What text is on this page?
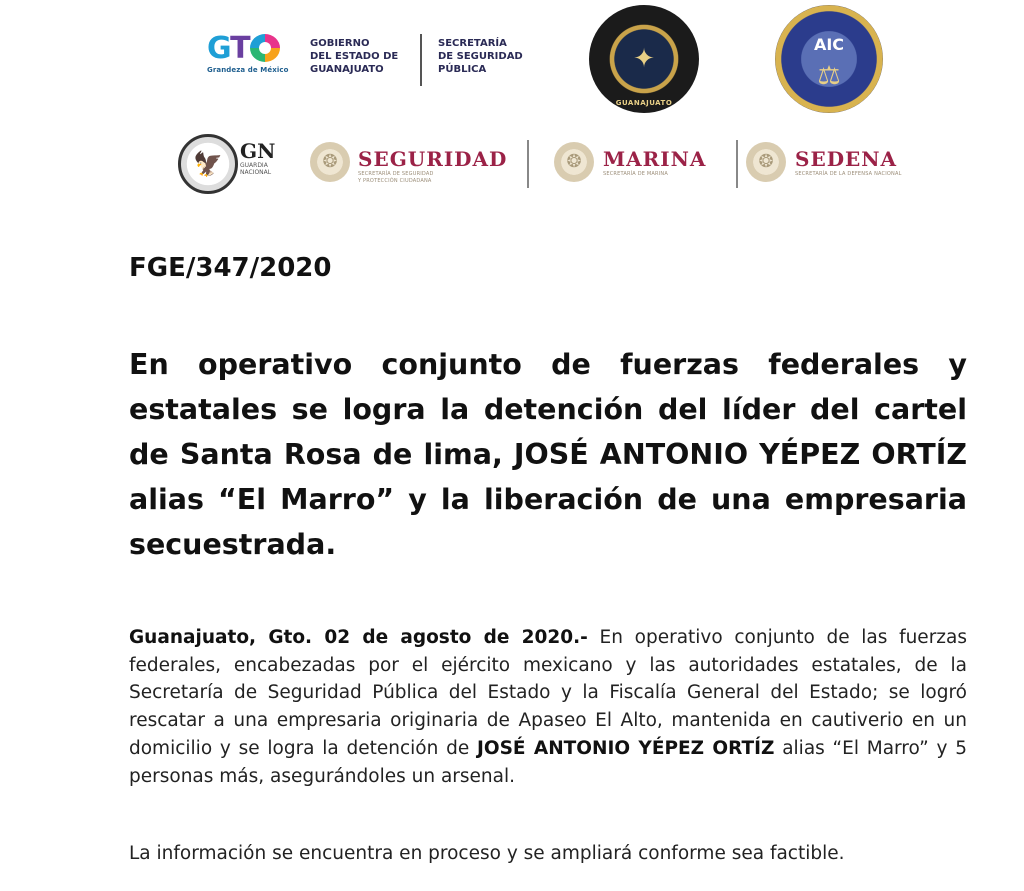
GT
Grandeza de México
GOBIERNO
DEL ESTADO DE
GUANAJUATO
SECRETARÍA
DE SEGURIDAD
PÚBLICA	✦
GUANAJUATO
AIC
⚖
🦅 GN
GUARDIA
NACIONAL
❂ SEGURIDAD
SECRETARÍA DE SEGURIDAD
Y PROTECCIÓN CIUDADANA
❂ MARINA
SECRETARÍA DE MARINA
❂ SEDENA
SECRETARÍA DE LA DEFENSA NACIONAL
FGE/347/2020
En operativo conjunto de fuerzas federales y estatales se logra la detención del líder del cartel de Santa Rosa de lima, JOSÉ ANTONIO YÉPEZ ORTÍZ alias “El Marro” y la liberación de una empresaria secuestrada.

Guanajuato, Gto. 02 de agosto de 2020.- En operativo conjunto de las fuerzas federales, encabezadas por el ejército mexicano y las autoridades estatales, de la Secretaría de Seguridad Pública del Estado y la Fiscalía General del Estado; se logró rescatar a una empresaria originaria de Apaseo El Alto, mantenida en cautiverio en un domicilio y se logra la detención de JOSÉ ANTONIO YÉPEZ ORTÍZ alias “El Marro” y 5 personas más, asegurándoles un arsenal.

La información se encuentra en proceso y se ampliará conforme sea factible.
